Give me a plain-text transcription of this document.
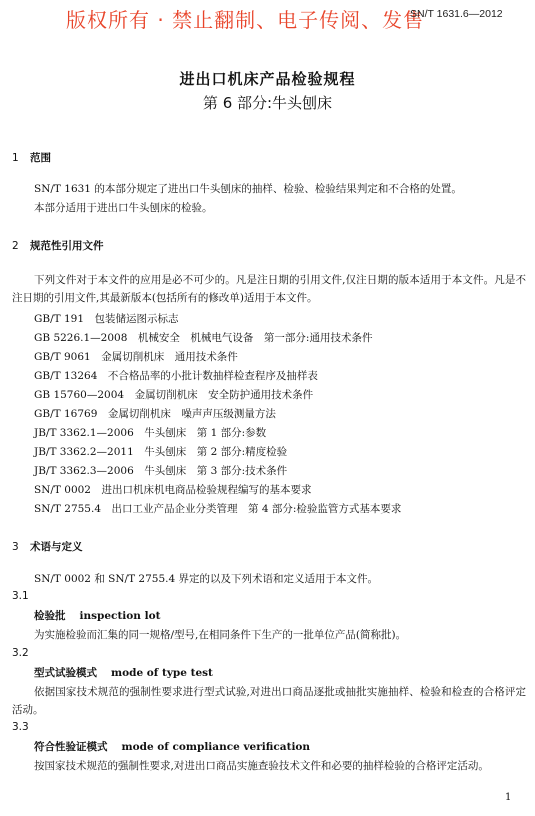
版权所有 · 禁止翻制、电子传阅、发售
SN/T 1631.6—2012
进出口机床产品检验规程
第 6 部分:牛头刨床
1 范围
SN/T 1631 的本部分规定了进出口牛头刨床的抽样、检验、检验结果判定和不合格的处置。
本部分适用于进出口牛头刨床的检验。
2 规范性引用文件
下列文件对于本文件的应用是必不可少的。凡是注日期的引用文件,仅注日期的版本适用于本文件。凡是不注日期的引用文件,其最新版本(包括所有的修改单)适用于本文件。
GB/T 191　包装储运图示标志
GB 5226.1—2008　机械安全　机械电气设备　第一部分:通用技术条件
GB/T 9061　金属切削机床　通用技术条件
GB/T 13264　不合格品率的小批计数抽样检查程序及抽样表
GB 15760—2004　金属切削机床　安全防护通用技术条件
GB/T 16769　金属切削机床　噪声声压级测量方法
JB/T 3362.1—2006　牛头刨床　第 1 部分:参数
JB/T 3362.2—2011　牛头刨床　第 2 部分:精度检验
JB/T 3362.3—2006　牛头刨床　第 3 部分:技术条件
SN/T 0002　进出口机床机电商品检验规程编写的基本要求
SN/T 2755.4　出口工业产品企业分类管理　第 4 部分:检验监管方式基本要求
3 术语与定义
SN/T 0002 和 SN/T 2755.4 界定的以及下列术语和定义适用于本文件。
3.1
检验批 inspection lot
为实施检验而汇集的同一规格/型号,在相同条件下生产的一批单位产品(简称批)。
3.2
型式试验模式 mode of type test
依据国家技术规范的强制性要求进行型式试验,对进出口商品逐批或抽批实施抽样、检验和检查的合格评定活动。
3.3
符合性验证模式 mode of compliance verification
按国家技术规范的强制性要求,对进出口商品实施查验技术文件和必要的抽样检验的合格评定活动。
1
